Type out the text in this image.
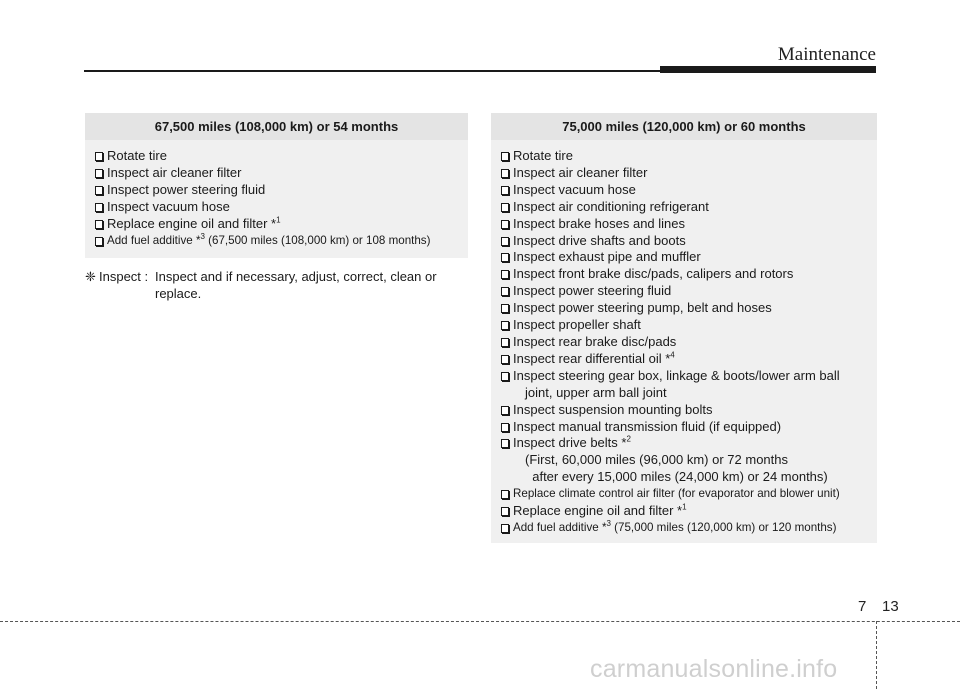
Maintenance
67,500 miles (108,000 km) or 54 months
Rotate tire
Inspect air cleaner filter
Inspect power steering fluid
Inspect vacuum hose
Replace engine oil and filter *$^1$
Add fuel additive *$^3$ (67,500 miles (108,000 km) or 108 months)
❈ Inspect : Inspect and if necessary, adjust, correct, clean or
replace.
75,000 miles (120,000 km) or 60 months
Rotate tire
Inspect air cleaner filter
Inspect vacuum hose
Inspect air conditioning refrigerant
Inspect brake hoses and lines
Inspect drive shafts and boots
Inspect exhaust pipe and muffler
Inspect front brake disc/pads, calipers and rotors
Inspect power steering fluid
Inspect power steering pump, belt and hoses
Inspect propeller shaft
Inspect rear brake disc/pads
Inspect rear differential oil *$^4$
Inspect steering gear box, linkage & boots/lower arm ball
joint, upper arm ball joint
Inspect suspension mounting bolts
Inspect manual transmission fluid (if equipped)
Inspect drive belts *$^2$
(First, 60,000 miles (96,000 km) or 72 months
after every 15,000 miles (24,000 km) or 24 months)
Replace climate control air filter (for evaporator and blower unit)
Replace engine oil and filter *$^1$
Add fuel additive *$^3$ (75,000 miles (120,000 km) or 120 months)
7 13
carmanualsonline.info
